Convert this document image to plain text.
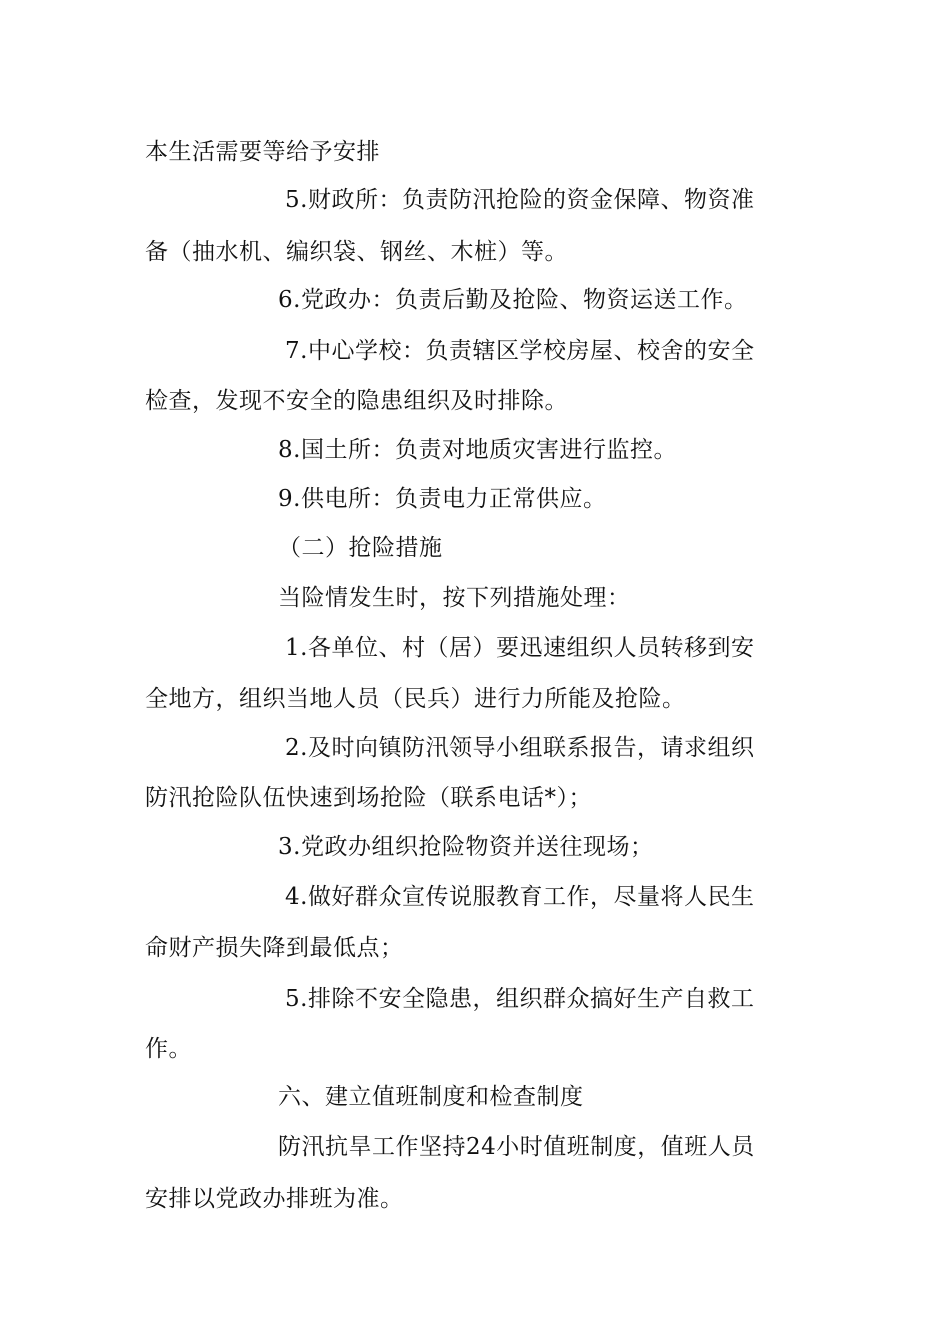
本生活需要等给予安排
5.财政所：负责防汛抢险的资金保障、物资准
备（抽水机、编织袋、钢丝、木桩）等。
6.党政办：负责后勤及抢险、物资运送工作。
7.中心学校：负责辖区学校房屋、校舍的安全
检查，发现不安全的隐患组织及时排除。
8.国土所：负责对地质灾害进行监控。
9.供电所：负责电力正常供应。
（二）抢险措施
当险情发生时，按下列措施处理：
1.各单位、村（居）要迅速组织人员转移到安
全地方，组织当地人员（民兵）进行力所能及抢险。
2.及时向镇防汛领导小组联系报告，请求组织
防汛抢险队伍快速到场抢险（联系电话*）；
3.党政办组织抢险物资并送往现场；
4.做好群众宣传说服教育工作，尽量将人民生
命财产损失降到最低点；
5.排除不安全隐患，组织群众搞好生产自救工
作。
六、建立值班制度和检查制度
防汛抗旱工作坚持24小时值班制度，值班人员
安排以党政办排班为准。
